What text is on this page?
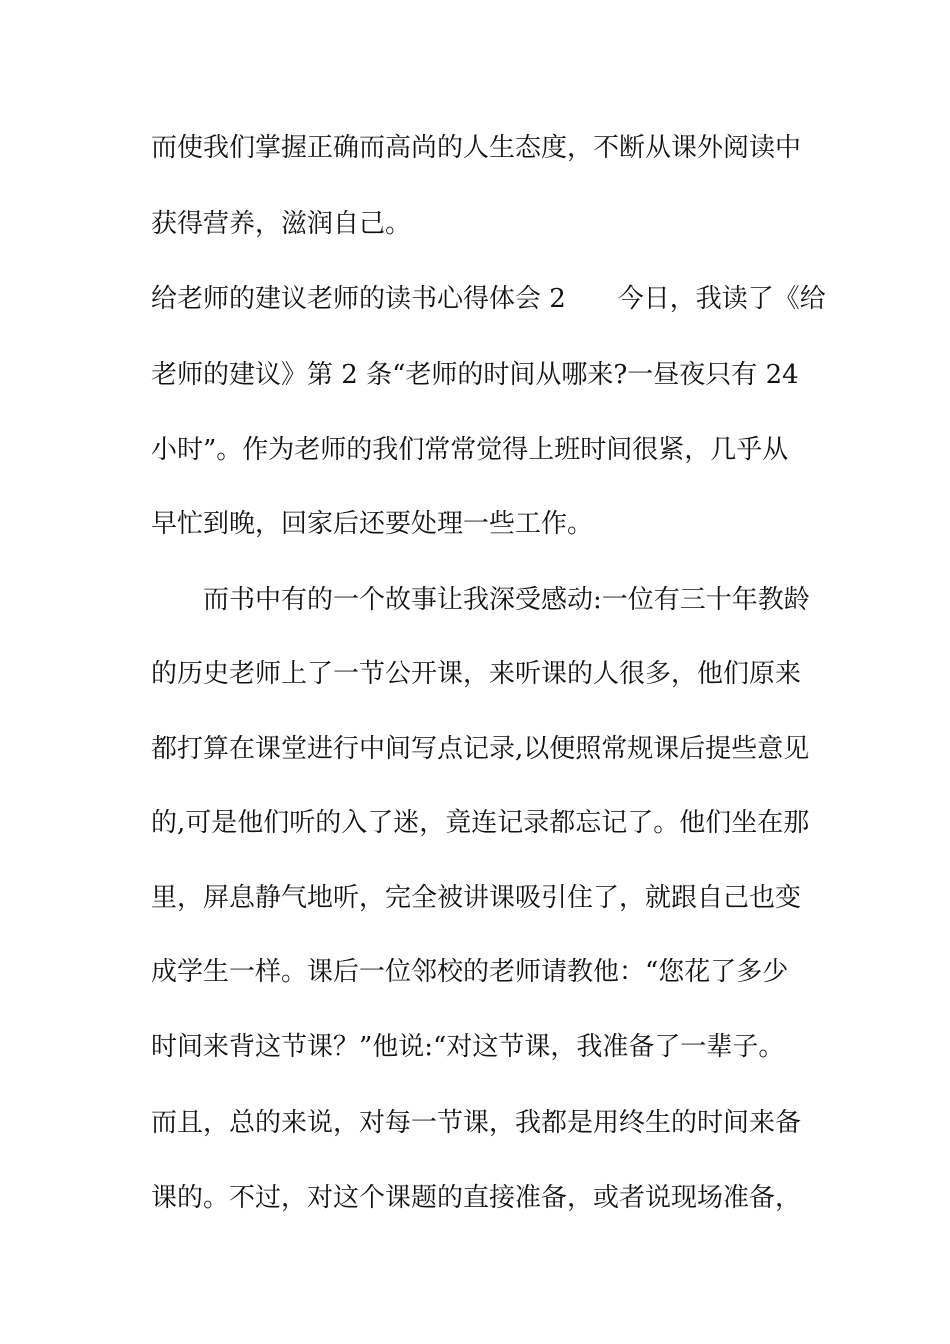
而使我们掌握正确而高尚的人生态度，不断从课外阅读中

获得营养，滋润自己。

给老师的建议老师的读书心得体会 2　　今日，我读了《给

老师的建议》第 2 条“老师的时间从哪来?一昼夜只有 24

小时”。作为老师的我们常常觉得上班时间很紧，几乎从

早忙到晚，回家后还要处理一些工作。

而书中有的一个故事让我深受感动:一位有三十年教龄

的历史老师上了一节公开课，来听课的人很多，他们原来

都打算在课堂进行中间写点记录,以便照常规课后提些意见

的,可是他们听的入了迷，竟连记录都忘记了。他们坐在那

里，屏息静气地听，完全被讲课吸引住了，就跟自己也变

成学生一样。课后一位邻校的老师请教他：“您花了多少

时间来背这节课？”他说:“对这节课，我准备了一辈子。

而且，总的来说，对每一节课，我都是用终生的时间来备

课的。不过，对这个课题的直接准备，或者说现场准备，
